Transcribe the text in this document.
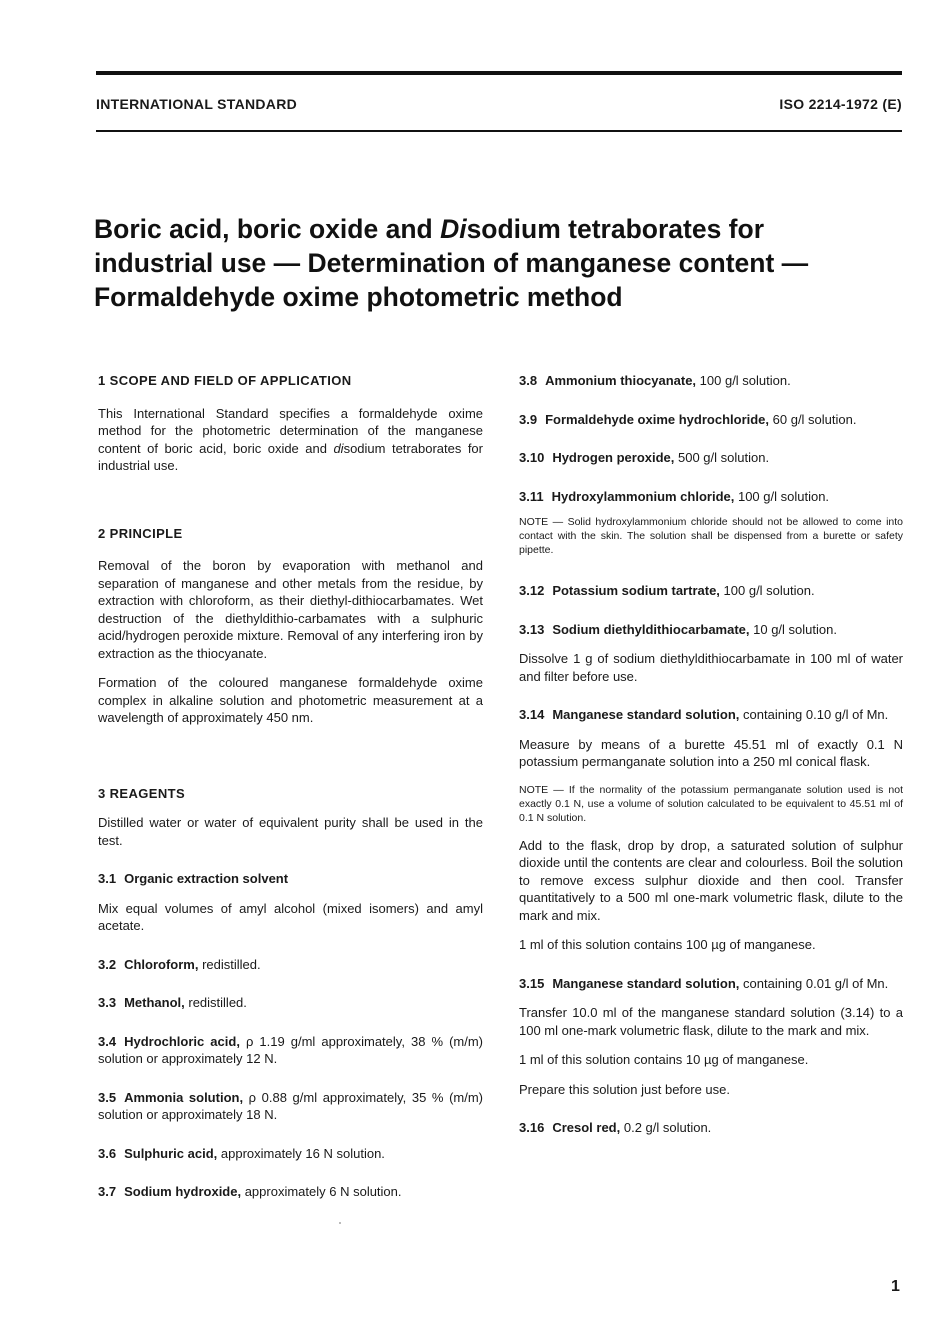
INTERNATIONAL STANDARD	ISO 2214-1972 (E)
Boric acid, boric oxide and Disodium tetraborates for
industrial use — Determination of manganese content —
Formaldehyde oxime photometric method

1 SCOPE AND FIELD OF APPLICATION

This International Standard specifies a formaldehyde oxime method for the photometric determination of the manganese content of boric acid, boric oxide and disodium tetraborates for industrial use.

2 PRINCIPLE

Removal of the boron by evaporation with methanol and separation of manganese and other metals from the residue, by extraction with chloroform, as their diethyl-dithiocarbamates. Wet destruction of the diethyldithio-carbamates with a sulphuric acid/hydrogen peroxide mixture. Removal of any interfering iron by extraction as the thiocyanate.

Formation of the coloured manganese formaldehyde oxime complex in alkaline solution and photometric measurement at a wavelength of approximately 450 nm.

3 REAGENTS

Distilled water or water of equivalent purity shall be used in the test.

3.1 Organic extraction solvent

Mix equal volumes of amyl alcohol (mixed isomers) and amyl acetate.

3.2 Chloroform, redistilled.

3.3 Methanol, redistilled.

3.4 Hydrochloric acid, ρ 1.19 g/ml approximately, 38 % (m/m) solution or approximately 12 N.

3.5 Ammonia solution, ρ 0.88 g/ml approximately, 35 % (m/m) solution or approximately 18 N.

3.6 Sulphuric acid, approximately 16 N solution.

3.7 Sodium hydroxide, approximately 6 N solution.

3.8 Ammonium thiocyanate, 100 g/l solution.

3.9 Formaldehyde oxime hydrochloride, 60 g/l solution.

3.10 Hydrogen peroxide, 500 g/l solution.

3.11 Hydroxylammonium chloride, 100 g/l solution.

NOTE — Solid hydroxylammonium chloride should not be allowed to come into contact with the skin. The solution shall be dispensed from a burette or safety pipette.

3.12 Potassium sodium tartrate, 100 g/l solution.

3.13 Sodium diethyldithiocarbamate, 10 g/l solution.

Dissolve 1 g of sodium diethyldithiocarbamate in 100 ml of water and filter before use.

3.14 Manganese standard solution, containing 0.10 g/l of Mn.

Measure by means of a burette 45.51 ml of exactly 0.1 N potassium permanganate solution into a 250 ml conical flask.

NOTE — If the normality of the potassium permanganate solution used is not exactly 0.1 N, use a volume of solution calculated to be equivalent to 45.51 ml of 0.1 N solution.

Add to the flask, drop by drop, a saturated solution of sulphur dioxide until the contents are clear and colourless. Boil the solution to remove excess sulphur dioxide and then cool. Transfer quantitatively to a 500 ml one-mark volumetric flask, dilute to the mark and mix.

1 ml of this solution contains 100 µg of manganese.

3.15 Manganese standard solution, containing 0.01 g/l of Mn.

Transfer 10.0 ml of the manganese standard solution (3.14) to a 100 ml one-mark volumetric flask, dilute to the mark and mix.

1 ml of this solution contains 10 µg of manganese.

Prepare this solution just before use.

3.16 Cresol red, 0.2 g/l solution.

1
